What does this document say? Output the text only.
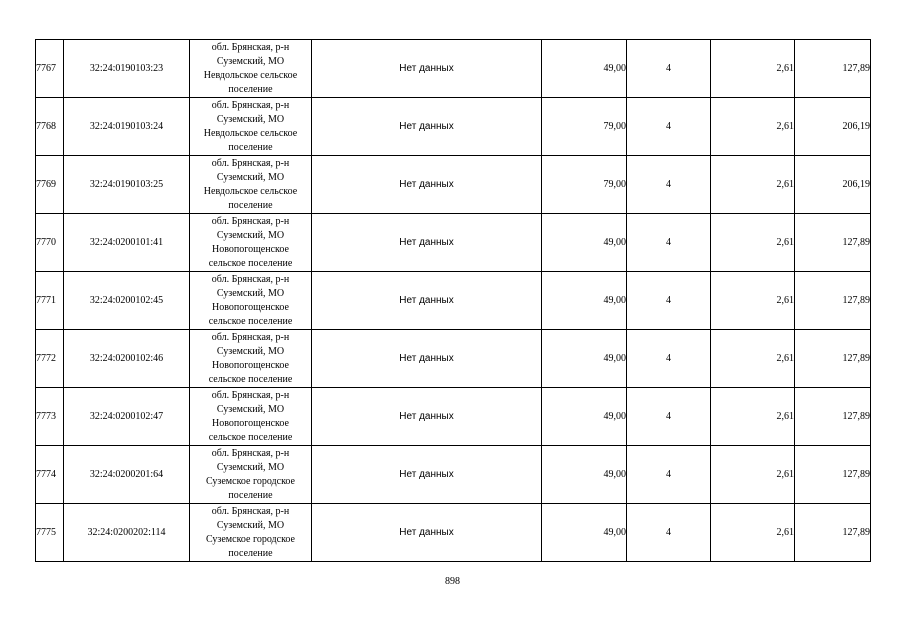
7767	32:24:0190103:23	обл. Брянская, р-н
Суземский, МО
Невдольское сельское
поселение	Нет данных	49,00	4	2,61	127,89
7768	32:24:0190103:24	обл. Брянская, р-н
Суземский, МО
Невдольское сельское
поселение	Нет данных	79,00	4	2,61	206,19
7769	32:24:0190103:25	обл. Брянская, р-н
Суземский, МО
Невдольское сельское
поселение	Нет данных	79,00	4	2,61	206,19
7770	32:24:0200101:41	обл. Брянская, р-н
Суземский, МО
Новопогощенское
сельское поселение	Нет данных	49,00	4	2,61	127,89
7771	32:24:0200102:45	обл. Брянская, р-н
Суземский, МО
Новопогощенское
сельское поселение	Нет данных	49,00	4	2,61	127,89
7772	32:24:0200102:46	обл. Брянская, р-н
Суземский, МО
Новопогощенское
сельское поселение	Нет данных	49,00	4	2,61	127,89
7773	32:24:0200102:47	обл. Брянская, р-н
Суземский, МО
Новопогощенское
сельское поселение	Нет данных	49,00	4	2,61	127,89
7774	32:24:0200201:64	обл. Брянская, р-н
Суземский, МО
Суземское городское
поселение	Нет данных	49,00	4	2,61	127,89
7775	32:24:0200202:114	обл. Брянская, р-н
Суземский, МО
Суземское городское
поселение	Нет данных	49,00	4	2,61	127,89
898
